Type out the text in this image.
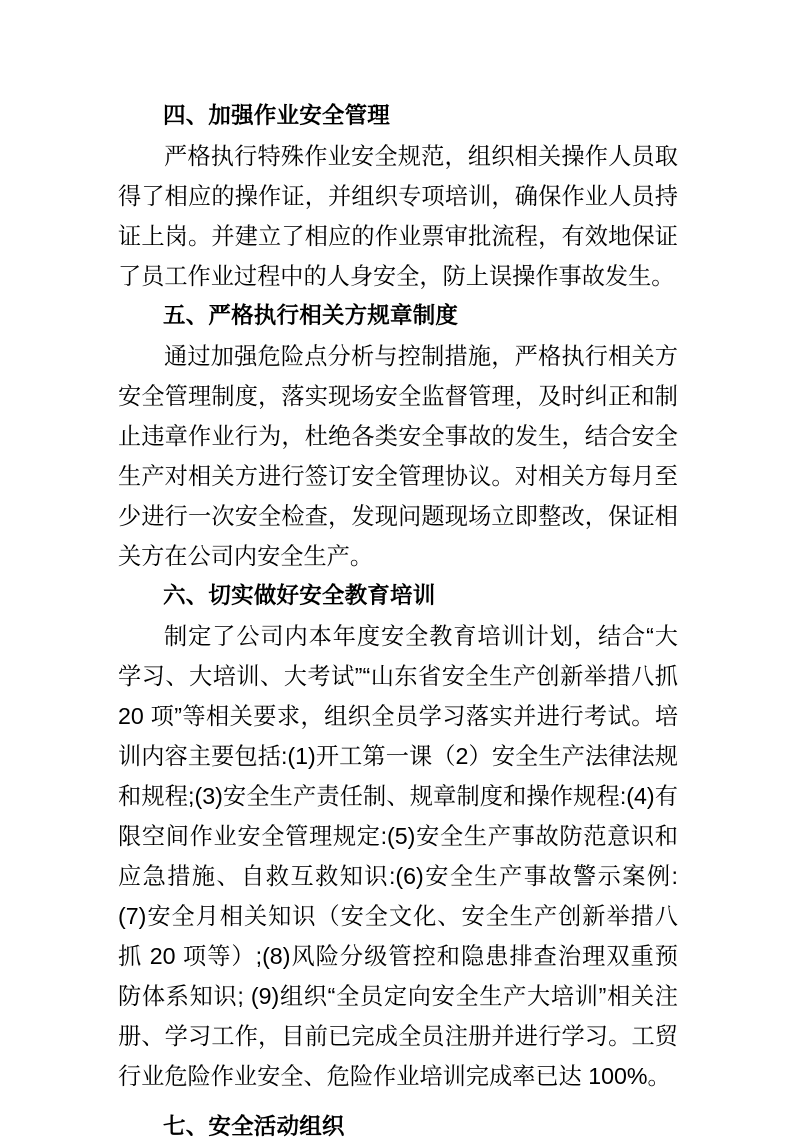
四、加强作业安全管理

严格执行特殊作业安全规范，组织相关操作人员取得了相应的操作证，并组织专项培训，确保作业人员持证上岗。并建立了相应的作业票审批流程，有效地保证了员工作业过程中的人身安全，防上误操作事故发生。

五、严格执行相关方规章制度

通过加强危险点分析与控制措施，严格执行相关方安全管理制度，落实现场安全监督管理，及时纠正和制止违章作业行为，杜绝各类安全事故的发生，结合安全生产对相关方进行签订安全管理协议。对相关方每月至少进行一次安全检查，发现问题现场立即整改，保证相关方在公司内安全生产。

六、切实做好安全教育培训

制定了公司内本年度安全教育培训计划，结合“大学习、大培训、大考试”“山东省安全生产创新举措八抓 20 项”等相关要求，组织全员学习落实并进行考试。培训内容主要包括:(1)开工第一课（2）安全生产法律法规和规程;(3)安全生产责任制、规章制度和操作规程:(4)有限空间作业安全管理规定:(5)安全生产事故防范意识和应急措施、自救互救知识:(6)安全生产事故警示案例: (7)安全月相关知识（安全文化、安全生产创新举措八抓 20 项等）;(8)风险分级管控和隐患排查治理双重预防体系知识; (9)组织“全员定向安全生产大培训”相关注册、学习工作，目前已完成全员注册并进行学习。工贸行业危险作业安全、危险作业培训完成率已达 100%。

七、安全活动组织
